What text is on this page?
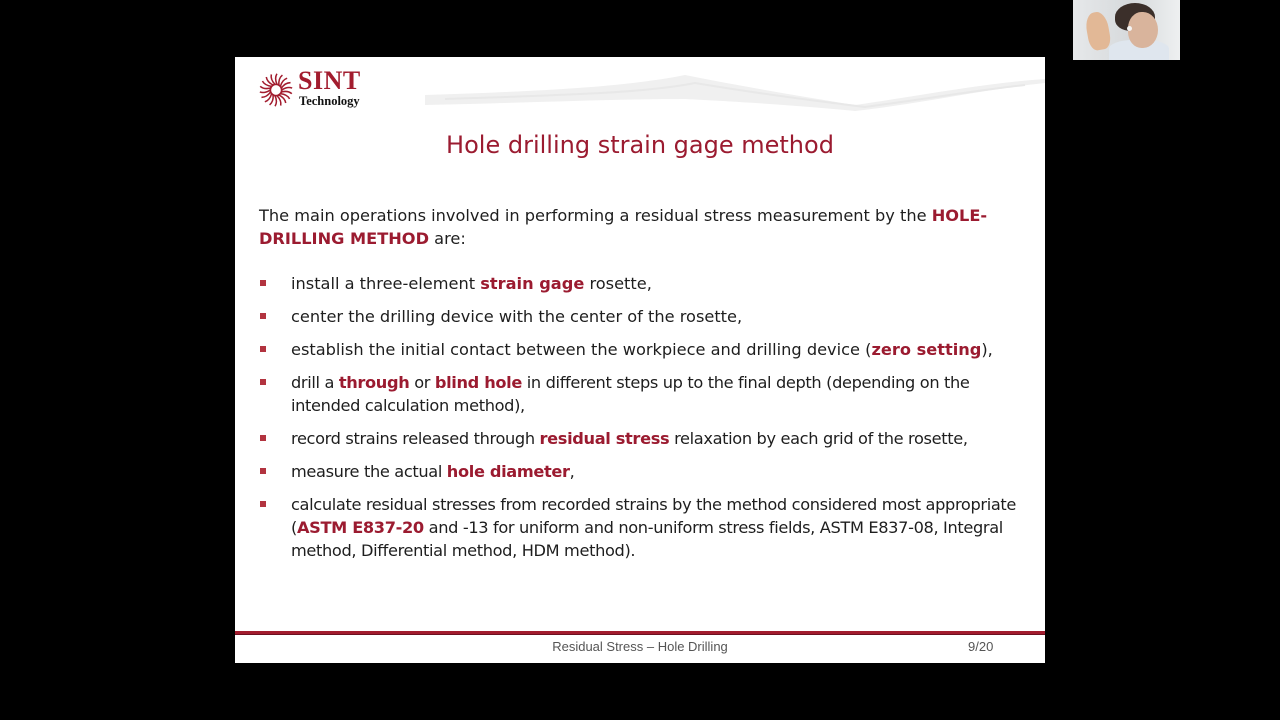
SINT
Technology
Hole drilling strain gage method
The main operations involved in performing a residual stress measurement by the HOLE-DRILLING METHOD are:
install a three-element strain gage rosette,
center the drilling device with the center of the rosette,
establish the initial contact between the workpiece and drilling device (zero setting),
drill a through or blind hole in different steps up to the final depth (depending on the intended calculation method),
record strains released through residual stress relaxation by each grid of the rosette,
measure the actual hole diameter,
calculate residual stresses from recorded strains by the method considered most appropriate (ASTM E837-20 and -13 for uniform and non-uniform stress fields, ASTM E837-08, Integral method, Differential method, HDM method).
Residual Stress – Hole Drilling	9/20
